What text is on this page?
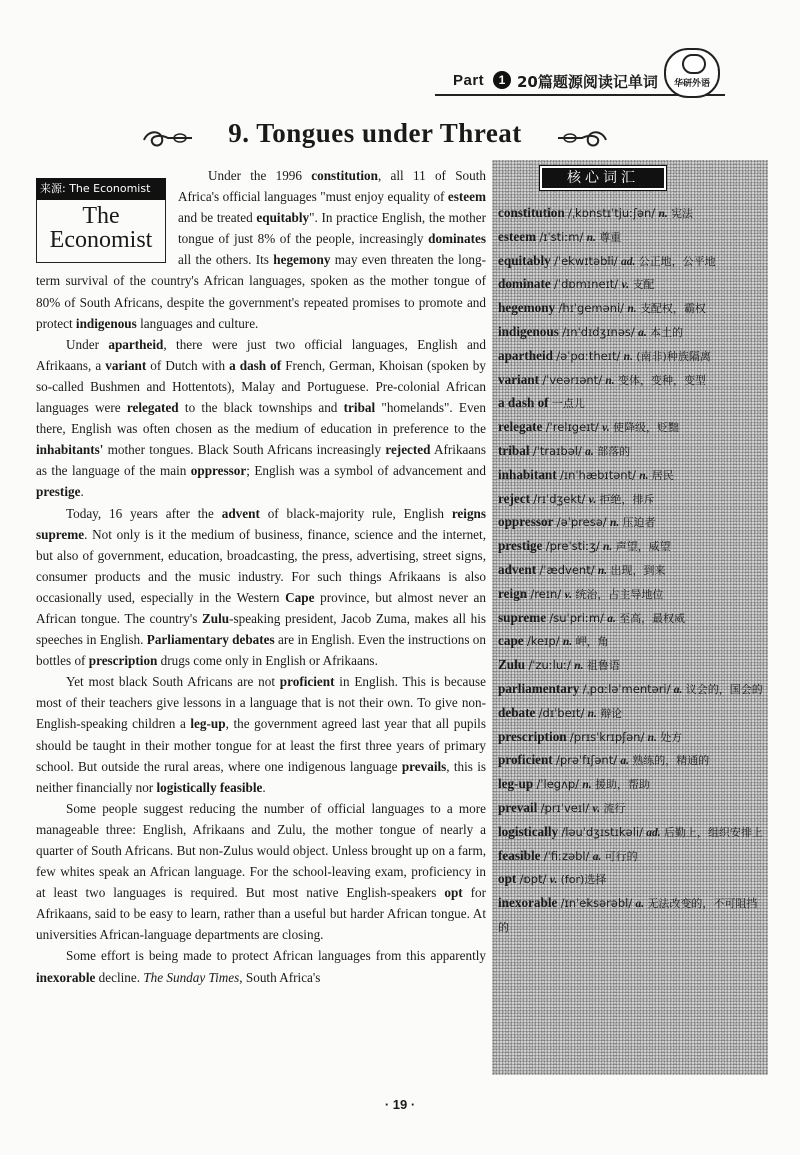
Part	1 20篇题源阅读记单词	华研外语
9. Tongues under Threat
来源: The Economist
The
Economist

Under the 1996 constitution, all 11 of South Africa's official languages "must enjoy equality of esteem and be treated equitably". In practice English, the mother tongue of just 8% of the people, increasingly dominates all the others. Its hegemony may even threaten the long-term survival of the country's African languages, spoken as the mother tongue of 80% of South Africans, despite the government's repeated promises to promote and protect indigenous languages and culture.

Under apartheid, there were just two official languages, English and Afrikaans, a variant of Dutch with a dash of French, German, Khoisan (spoken by so-called Bushmen and Hottentots), Malay and Portuguese. Pre-colonial African languages were relegated to the black townships and tribal "homelands". Even there, English was often chosen as the medium of education in preference to the inhabitants' mother tongues. Black South Africans increasingly rejected Afrikaans as the language of the main oppressor; English was a symbol of advancement and prestige.

Today, 16 years after the advent of black-majority rule, English reigns supreme. Not only is it the medium of business, finance, science and the internet, but also of government, education, broadcasting, the press, advertising, street signs, consumer products and the music industry. For such things Afrikaans is also occasionally used, especially in the Western Cape province, but almost never an African tongue. The country's Zulu-speaking president, Jacob Zuma, makes all his speeches in English. Parliamentary debates are in English. Even the instructions on bottles of prescription drugs come only in English or Afrikaans.

Yet most black South Africans are not proficient in English. This is because most of their teachers give lessons in a language that is not their own. To give non-English-speaking children a leg-up, the government agreed last year that all pupils should be taught in their mother tongue for at least the first three years of primary school. But outside the rural areas, where one indigenous language prevails, this is neither financially nor logistically feasible.

Some people suggest reducing the number of official languages to a more manageable three: English, Afrikaans and Zulu, the mother tongue of nearly a quarter of South Africans. But non-Zulus would object. Unless brought up on a farm, few whites speak an African language. For the school-leaving exam, proficiency in at least two languages is required. But most native English-speakers opt for Afrikaans, said to be easy to learn, rather than a useful but harder African tongue. At universities African-language departments are closing.

Some effort is being made to protect African languages from this apparently inexorable decline. The Sunday Times, South Africa's

核心词汇
constitution /ˌkɒnstɪˈtjuːʃən/ n. 宪法
esteem /ɪˈstiːm/ n. 尊重
equitably /ˈekwɪtəbli/ ad. 公正地，公平地
dominate /ˈdɒmɪneɪt/ v. 支配
hegemony /hɪˈgeməni/ n. 支配权，霸权
indigenous /ɪnˈdɪdʒɪnəs/ a. 本土的
apartheid /əˈpɑːtheɪt/ n. (南非)种族隔离
variant /ˈveərɪənt/ n. 变体，变种，变型
a dash of 一点儿
relegate /ˈrelɪgeɪt/ v. 使降级，贬黜
tribal /ˈtraɪbəl/ a. 部落的
inhabitant /ɪnˈhæbɪtənt/ n. 居民
reject /rɪˈdʒekt/ v. 拒绝，排斥
oppressor /əˈpresə/ n. 压迫者
prestige /preˈstiːʒ/ n. 声望，威望
advent /ˈædvent/ n. 出现，到来
reign /reɪn/ v. 统治，占主导地位
supreme /suˈpriːm/ a. 至高，最权威
cape /keɪp/ n. 岬，角
Zulu /ˈzuːluː/ n. 祖鲁语
parliamentary /ˌpɑːləˈmentəri/ a. 议会的，国会的
debate /dɪˈbeɪt/ n. 辩论
prescription /prɪsˈkrɪpʃən/ n. 处方
proficient /prəˈfɪʃənt/ a. 熟练的，精通的
leg-up /ˈlegʌp/ n. 援助，帮助
prevail /prɪˈveɪl/ v. 流行
logistically /ləuˈdʒɪstɪkəli/ ad. 后勤上，组织安排上
feasible /ˈfiːzəbl/ a. 可行的
opt /ɒpt/ v. (for)选择
inexorable /ɪnˈeksərəbl/ a. 无法改变的，不可阻挡的
· 19 ·
